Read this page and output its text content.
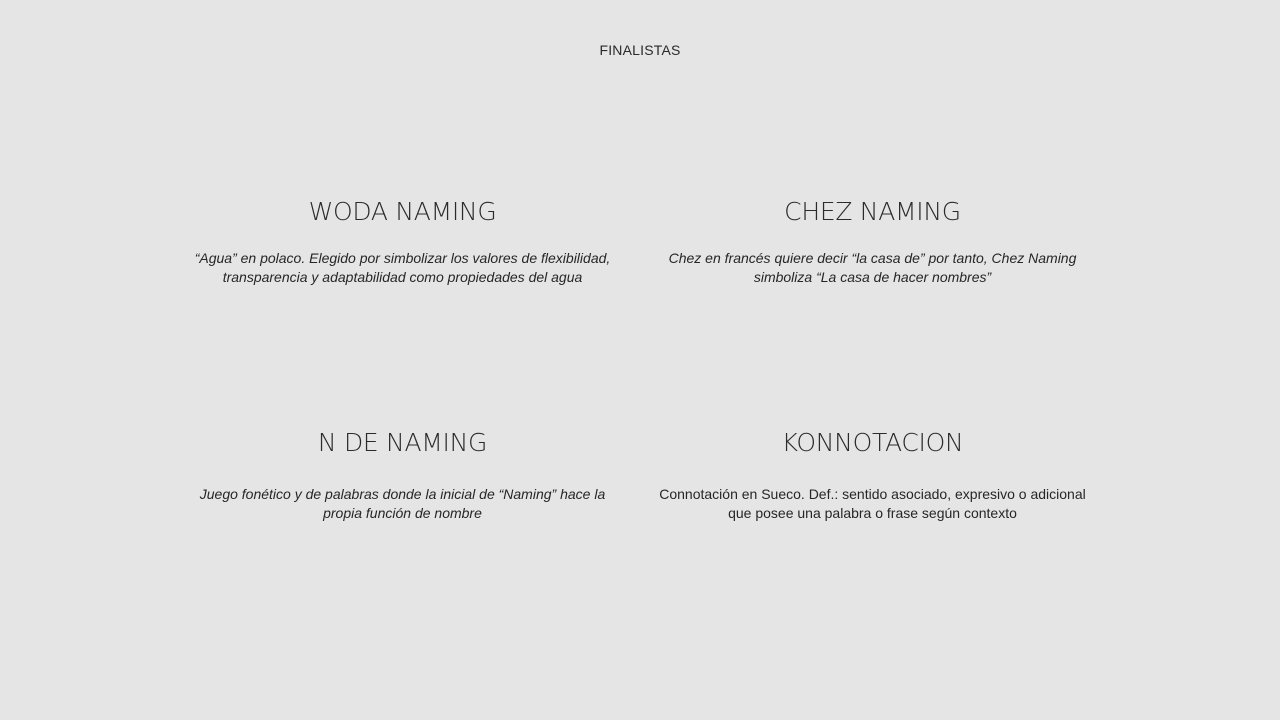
FINALISTAS
WODA NAMING

“Agua” en polaco. Elegido por simbolizar los valores de flexibilidad,
transparencia y adaptabilidad como propiedades del agua

CHEZ NAMING

Chez en francés quiere decir “la casa de” por tanto, Chez Naming
simboliza “La casa de hacer nombres”

N DE NAMING

Juego fonético y de palabras donde la inicial de “Naming” hace la
propia función de nombre

KONNOTACION

Connotación en Sueco. Def.: sentido asociado, expresivo o adicional
que posee una palabra o frase según contexto
